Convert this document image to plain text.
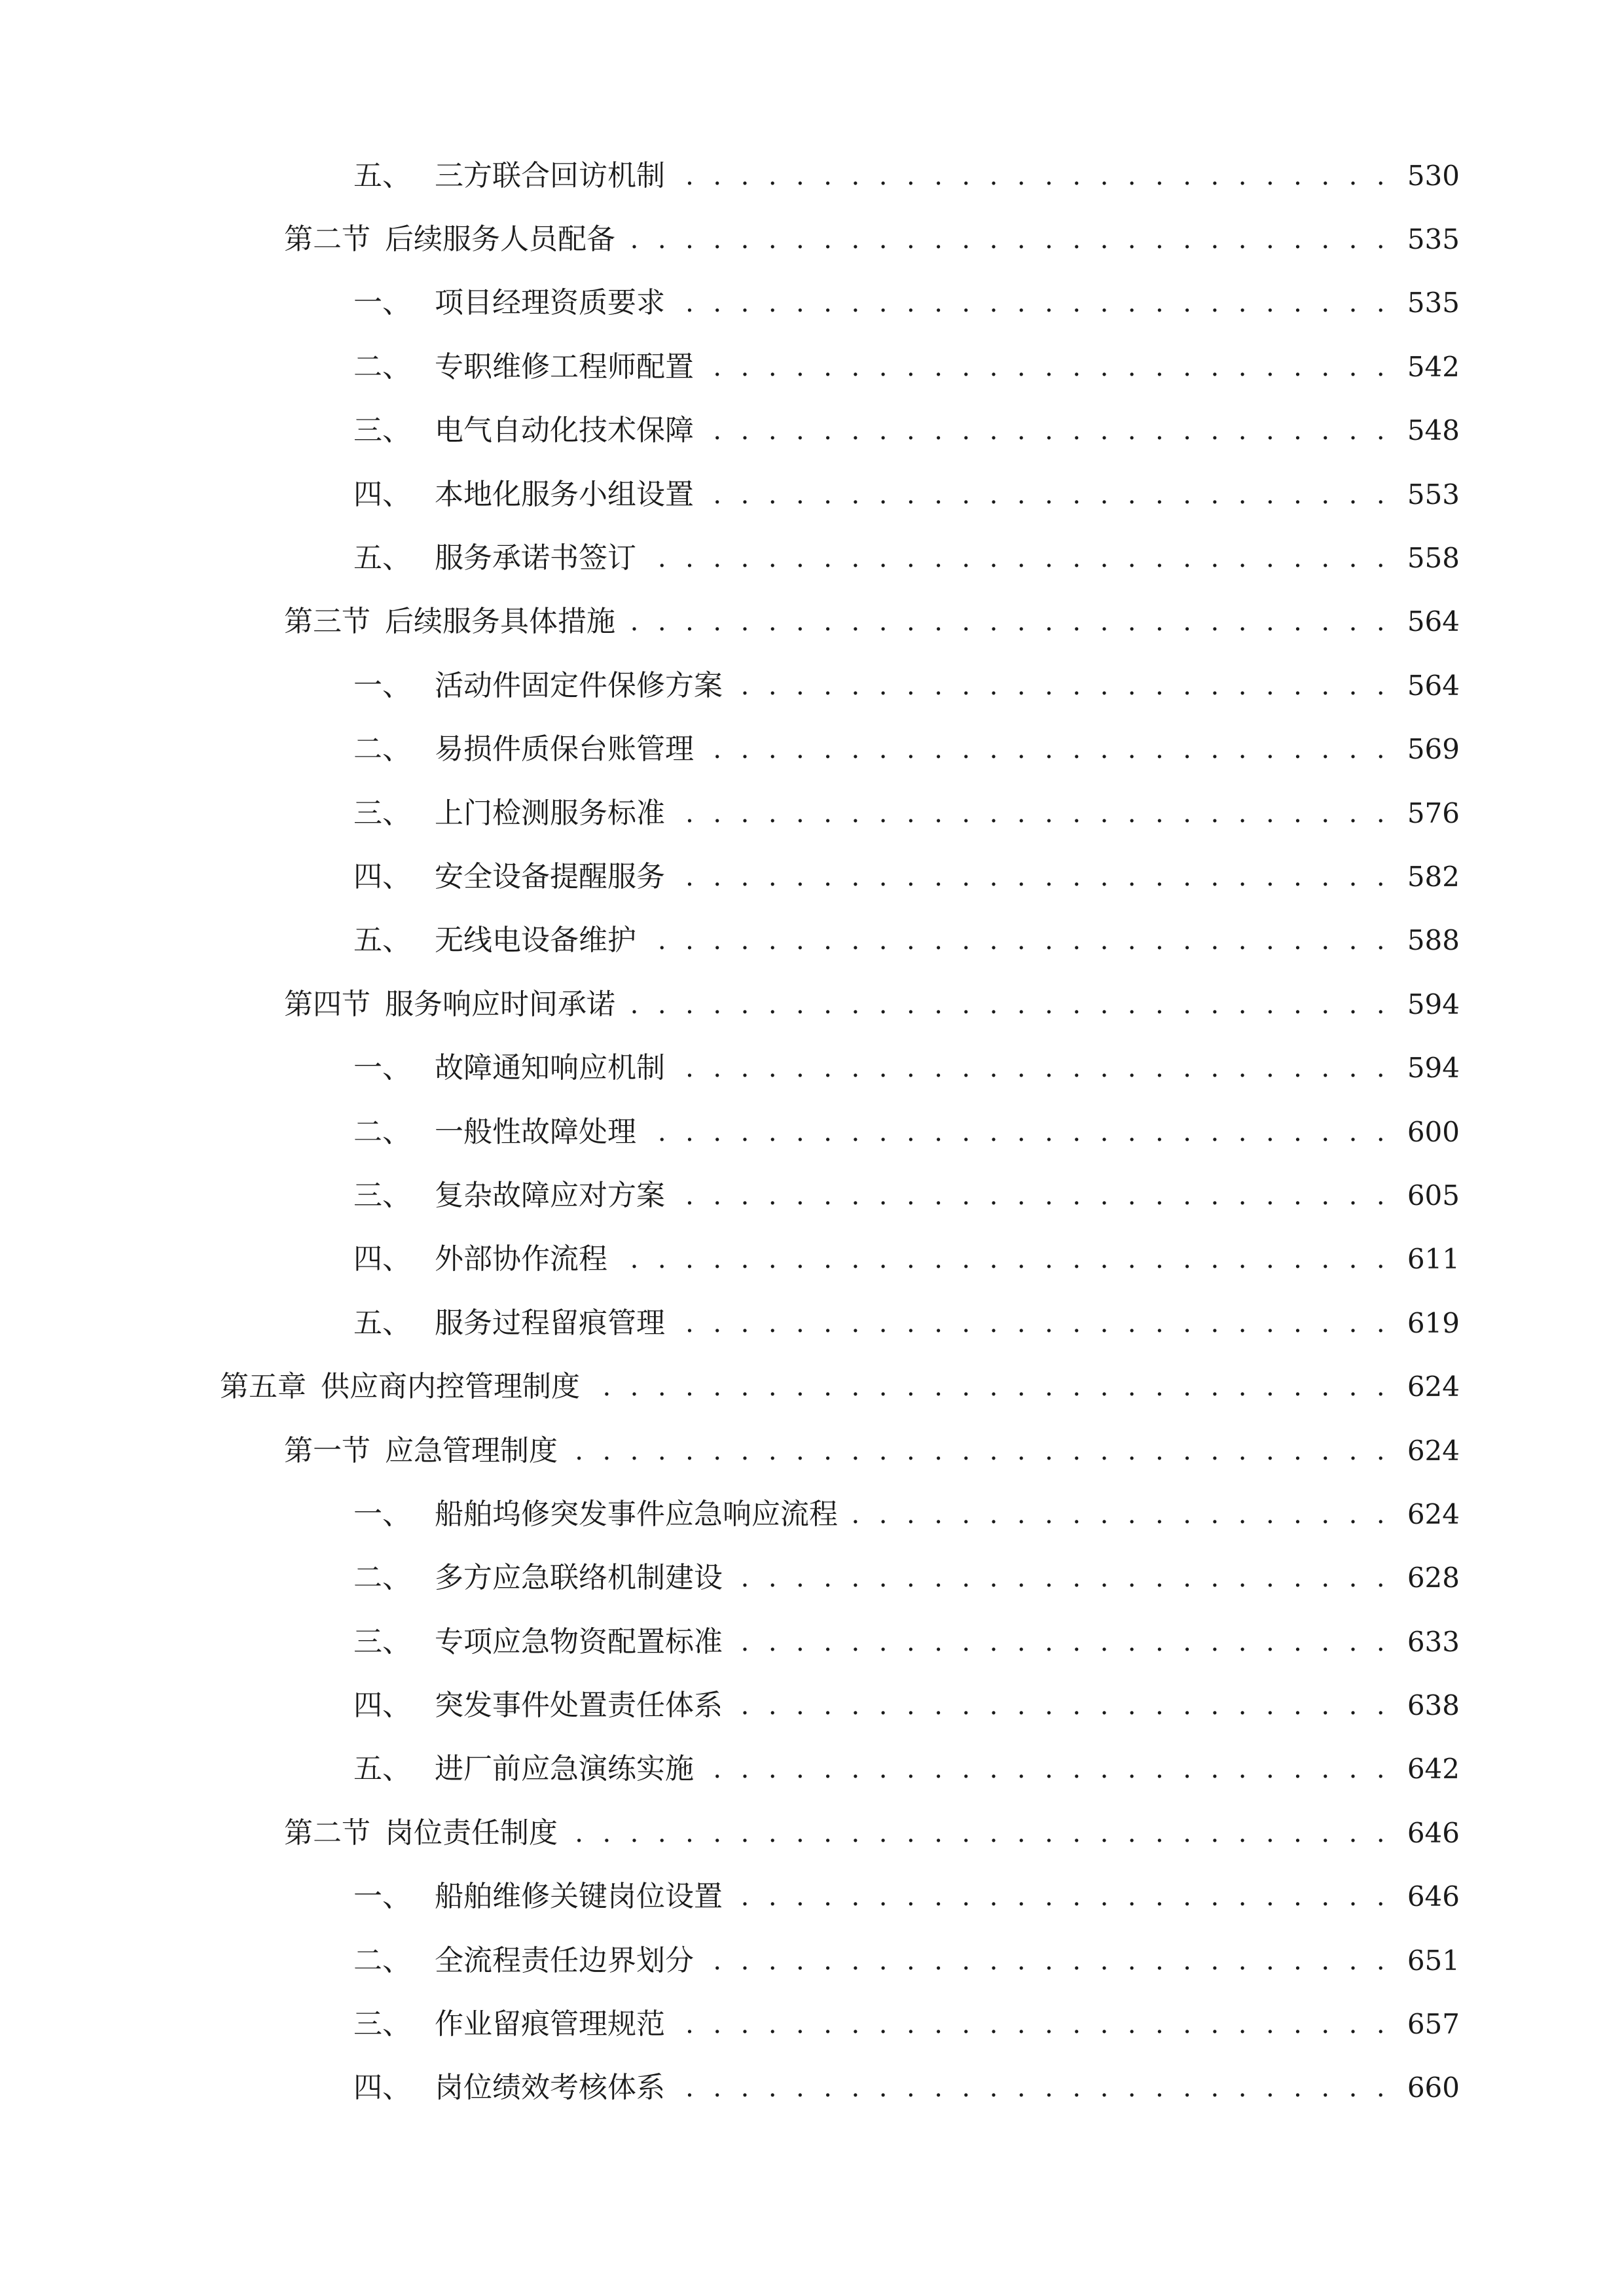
五、 三方联合回访机制 . . .	530
第二节 后续服务人员配备 . . .	535
一、 项目经理资质要求 . . .	535
二、 专职维修工程师配置 . . .	542
三、 电气自动化技术保障 . . .	548
四、 本地化服务小组设置 . . .	553
五、 服务承诺书签订 . . .	558
第三节 后续服务具体措施 . . .	564
一、 活动件固定件保修方案 . . .	564
二、 易损件质保台账管理 . . .	569
三、 上门检测服务标准 . . .	576
四、 安全设备提醒服务 . . .	582
五、 无线电设备维护 . . .	588
第四节 服务响应时间承诺 . . .	594
一、 故障通知响应机制 . . .	594
二、 一般性故障处理 . . .	600
三、 复杂故障应对方案 . . .	605
四、 外部协作流程 . . .	611
五、 服务过程留痕管理 . . .	619
第五章 供应商内控管理制度 . . .	624
第一节 应急管理制度 . . .	624
一、 船舶坞修突发事件应急响应流程 . . .	624
二、 多方应急联络机制建设 . . .	628
三、 专项应急物资配置标准 . . .	633
四、 突发事件处置责任体系 . . .	638
五、 进厂前应急演练实施 . . .	642
第二节 岗位责任制度 . . .	646
一、 船舶维修关键岗位设置 . . .	646
二、 全流程责任边界划分 . . .	651
三、 作业留痕管理规范 . . .	657
四、 岗位绩效考核体系 . . .	660
